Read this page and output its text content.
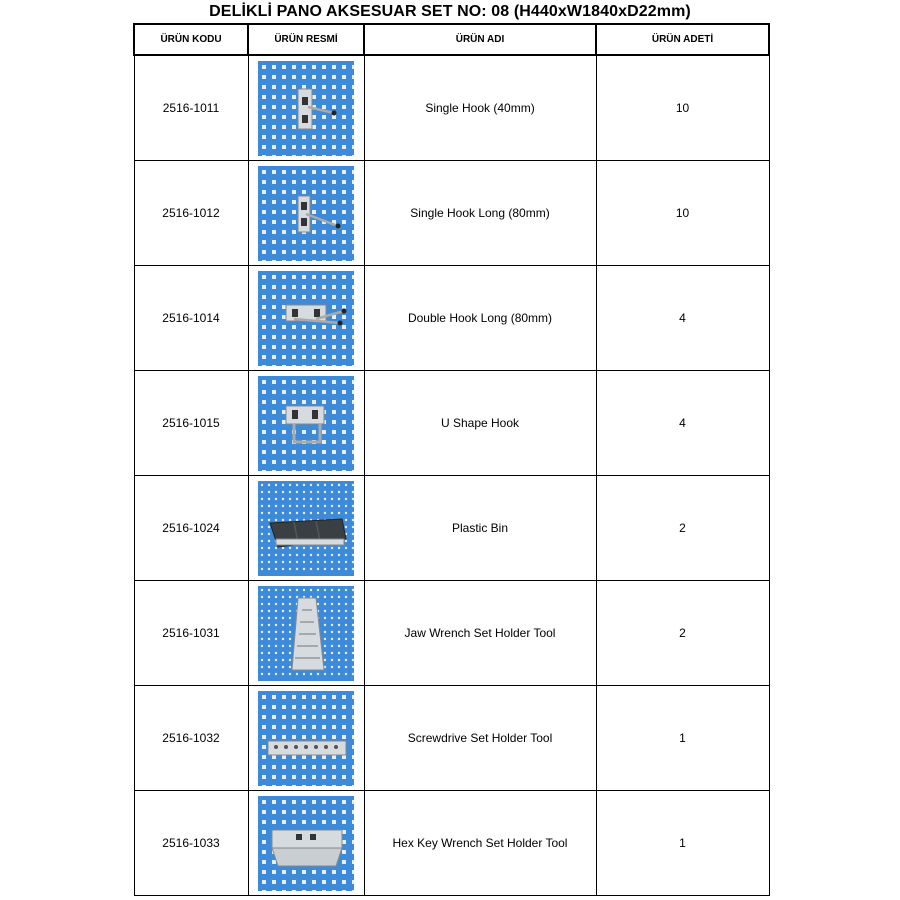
DELİKLİ PANO AKSESUAR SET NO: 08 (H440xW1840xD22mm)
ÜRÜN KODU	ÜRÜN RESMİ	ÜRÜN ADI	ÜRÜN ADETİ
2516-1011		Single Hook (40mm)	10
2516-1012		Single Hook Long (80mm)	10
2516-1014		Double Hook Long (80mm)	4
2516-1015		U Shape Hook	4
2516-1024		Plastic Bin	2
2516-1031		Jaw Wrench Set Holder Tool	2
2516-1032		Screwdrive Set Holder Tool	1
2516-1033		Hex Key Wrench Set Holder Tool	1
